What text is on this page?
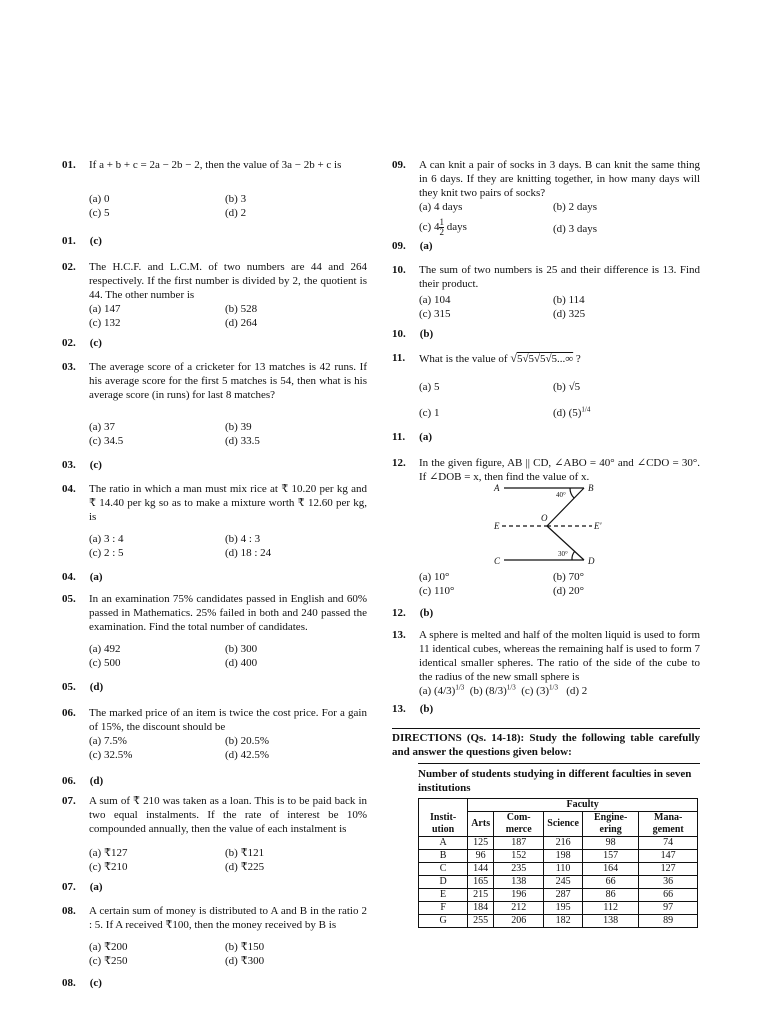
01. If a + b + c = 2a − 2b − 2, then the value of 3a − 2b + c is
(a) 0	(b) 3
(c) 5	(d) 2
01. (c)
02. The H.C.F. and L.C.M. of two numbers are 44 and 264 respectively. If the first number is divided by 2, the quotient is 44. The other number is
(a) 147	(b) 528
(c) 132	(d) 264
02. (c)
03. The average score of a cricketer for 13 matches is 42 runs. If his average score for the first 5 matches is 54, then what is his average score (in runs) for last 8 matches?
(a) 37	(b) 39
(c) 34.5	(d) 33.5
03. (c)
04. The ratio in which a man must mix rice at ₹ 10.20 per kg and ₹ 14.40 per kg so as to make a mixture worth ₹ 12.60 per kg, is
(a) 3 : 4	(b) 4 : 3
(c) 2 : 5	(d) 18 : 24
04. (a)
05. In an examination 75% candidates passed in English and 60% passed in Mathematics. 25% failed in both and 240 passed the examination. Find the total number of candidates.
(a) 492	(b) 300
(c) 500	(d) 400
05. (d)
06. The marked price of an item is twice the cost price. For a gain of 15%, the discount should be
(a) 7.5%	(b) 20.5%
(c) 32.5%	(d) 42.5%
06. (d)
07. A sum of ₹ 210 was taken as a loan. This is to be paid back in two equal instalments. If the rate of interest be 10% compounded annually, then the value of each instalment is
(a) ₹127	(b) ₹121
(c) ₹210	(d) ₹225
07. (a)
08. A certain sum of money is distributed to A and B in the ratio 2 : 5. If A received ₹100, then the money received by B is
(a) ₹200	(b) ₹150
(c) ₹250	(d) ₹300
08. (c)
09. A can knit a pair of socks in 3 days. B can knit the same thing in 6 days. If they are knitting together, in how many days will they knit two pairs of socks?
(a) 4 days	(b) 2 days
(c) $4 \frac{1}{2}$ days	(d) 3 days
09. (a)
10. The sum of two numbers is 25 and their difference is 13. Find their product.
(a) 104	(b) 114
(c) 315	(d) 325
10. (b)
11. What is the value of √5√5√5√5...∞ ?
(a) 5	(b) √5
(c) 1	(d) $(5)^{1/4}$
11. (a)
12. In the given figure, AB || CD, ∠ABO = 40° and ∠CDO = 30°. If ∠DOB = x, then find the value of x.
A	B
O
E	E'
C	D
40°
30°
(a) 10°	(b) 70°
(c) 110°	(d) 20°
12. (b)
13. A sphere is melted and half of the molten liquid is used to form 11 identical cubes, whereas the remaining half is used to form 7 identical smaller spheres. The ratio of the side of the cube to the radius of the new small sphere is
(a) $(4/3)^{1/3}$ (b) $(8/3)^{1/3}$ (c) $(3)^{1/3}$ (d) 2
13. (b)
DIRECTIONS (Qs. 14-18): Study the following table carefully and answer the questions given below:
Number of students studying in different faculties in seven institutions
	Faculty				
Instit-ution	Arts	Com-merce	Science	Engine-ering	Mana-gement
A	125	187	216	98	74
B	96	152	198	157	147
C	144	235	110	164	127
D	165	138	245	66	36
E	215	196	287	86	66
F	184	212	195	112	97
G	255	206	182	138	89
